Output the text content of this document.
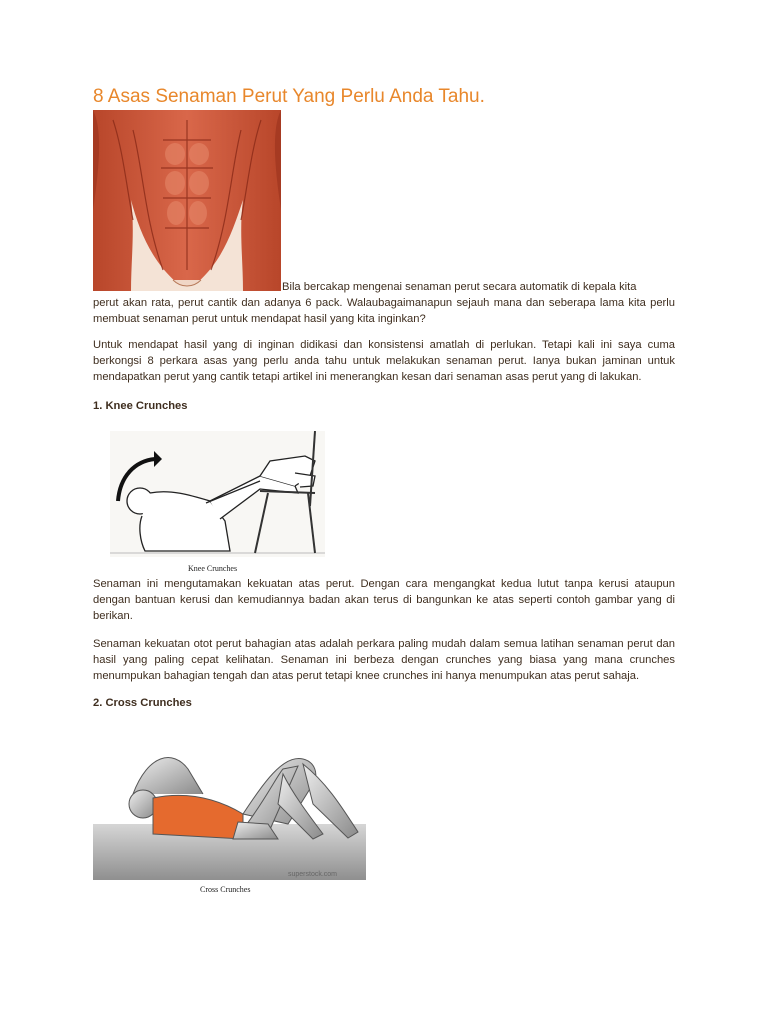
8 Asas Senaman Perut Yang Perlu Anda Tahu.

Bila bercakap mengenai senaman perut secara automatik di kepala kita

perut akan rata, perut cantik dan adanya 6 pack. Walaubagaimanapun sejauh mana dan seberapa lama kita perlu membuat senaman perut untuk mendapat hasil yang kita inginkan?

Untuk mendapat hasil yang di inginan didikasi dan konsistensi amatlah di perlukan. Tetapi kali ini saya cuma berkongsi 8 perkara asas yang perlu anda tahu untuk melakukan senaman perut. Ianya bukan jaminan untuk mendapatkan perut yang cantik tetapi artikel ini menerangkan kesan dari senaman asas perut yang di lakukan.

1. Knee Crunches

Knee Crunches

Senaman ini mengutamakan kekuatan atas perut. Dengan cara mengangkat kedua lutut tanpa kerusi ataupun dengan bantuan kerusi dan kemudiannya badan akan terus di bangunkan ke atas seperti contoh gambar yang di berikan.

Senaman kekuatan otot perut bahagian atas adalah perkara paling mudah dalam semua latihan senaman perut dan hasil yang paling cepat kelihatan. Senaman ini berbeza dengan crunches yang biasa yang mana crunches menumpukan bahagian tengah dan atas perut tetapi knee crunches ini hanya menumpukan atas perut sahaja.

2. Cross Crunches

superstock.com

Cross Crunches
